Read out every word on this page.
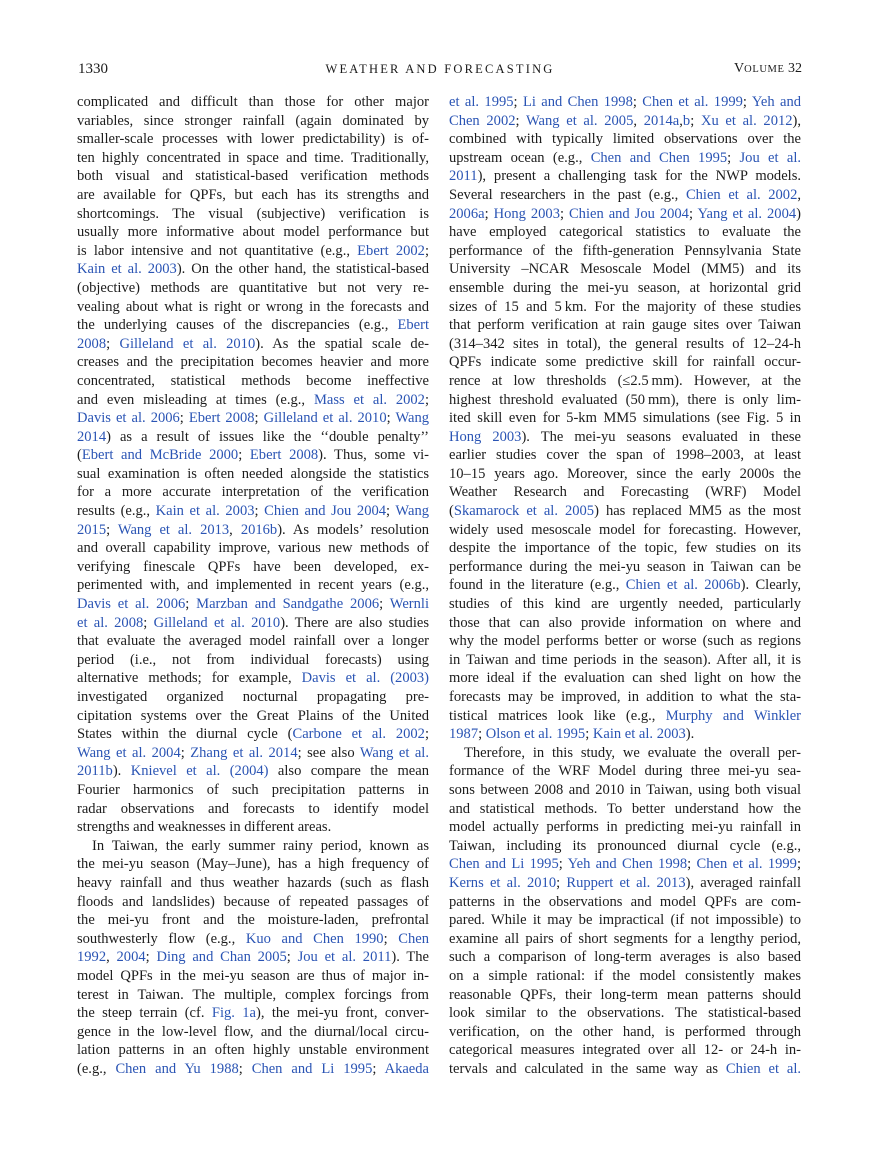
1330	WEATHER AND FORECASTING	VOLUME 32
complicated and difficult than those for other major
variables, since stronger rainfall (again dominated by
smaller-scale processes with lower predictability) is of-
ten highly concentrated in space and time. Traditionally,
both visual and statistical-based verification methods
are available for QPFs, but each has its strengths and
shortcomings. The visual (subjective) verification is
usually more informative about model performance but
is labor intensive and not quantitative (e.g., Ebert 2002;
Kain et al. 2003). On the other hand, the statistical-based
(objective) methods are quantitative but not very re-
vealing about what is right or wrong in the forecasts and
the underlying causes of the discrepancies (e.g., Ebert
2008; Gilleland et al. 2010). As the spatial scale de-
creases and the precipitation becomes heavier and more
concentrated, statistical methods become ineffective
and even misleading at times (e.g., Mass et al. 2002;
Davis et al. 2006; Ebert 2008; Gilleland et al. 2010; Wang
2014) as a result of issues like the ‘‘double penalty’’
(Ebert and McBride 2000; Ebert 2008). Thus, some vi-
sual examination is often needed alongside the statistics
for a more accurate interpretation of the verification
results (e.g., Kain et al. 2003; Chien and Jou 2004; Wang
2015; Wang et al. 2013, 2016b). As models’ resolution
and overall capability improve, various new methods of
verifying finescale QPFs have been developed, ex-
perimented with, and implemented in recent years (e.g.,
Davis et al. 2006; Marzban and Sandgathe 2006; Wernli
et al. 2008; Gilleland et al. 2010). There are also studies
that evaluate the averaged model rainfall over a longer
period (i.e., not from individual forecasts) using
alternative methods; for example, Davis et al. (2003)
investigated organized nocturnal propagating pre-
cipitation systems over the Great Plains of the United
States within the diurnal cycle (Carbone et al. 2002;
Wang et al. 2004; Zhang et al. 2014; see also Wang et al.
2011b). Knievel et al. (2004) also compare the mean
Fourier harmonics of such precipitation patterns in
radar observations and forecasts to identify model
strengths and weaknesses in different areas.
In Taiwan, the early summer rainy period, known as
the mei-yu season (May–June), has a high frequency of
heavy rainfall and thus weather hazards (such as flash
floods and landslides) because of repeated passages of
the mei-yu front and the moisture-laden, prefrontal
southwesterly flow (e.g., Kuo and Chen 1990; Chen
1992, 2004; Ding and Chan 2005; Jou et al. 2011). The
model QPFs in the mei-yu season are thus of major in-
terest in Taiwan. The multiple, complex forcings from
the steep terrain (cf. Fig. 1a), the mei-yu front, conver-
gence in the low-level flow, and the diurnal/local circu-
lation patterns in an often highly unstable environment
(e.g., Chen and Yu 1988; Chen and Li 1995; Akaeda
et al. 1995; Li and Chen 1998; Chen et al. 1999; Yeh and
Chen 2002; Wang et al. 2005, 2014a,b; Xu et al. 2012),
combined with typically limited observations over the
upstream ocean (e.g., Chen and Chen 1995; Jou et al.
2011), present a challenging task for the NWP models.
Several researchers in the past (e.g., Chien et al. 2002,
2006a; Hong 2003; Chien and Jou 2004; Yang et al. 2004)
have employed categorical statistics to evaluate the
performance of the fifth-generation Pennsylvania State
University –NCAR Mesoscale Model (MM5) and its
ensemble during the mei-yu season, at horizontal grid
sizes of 15 and 5 km. For the majority of these studies
that perform verification at rain gauge sites over Taiwan
(314–342 sites in total), the general results of 12–24-h
QPFs indicate some predictive skill for rainfall occur-
rence at low thresholds (≤2.5 mm). However, at the
highest threshold evaluated (50 mm), there is only lim-
ited skill even for 5-km MM5 simulations (see Fig. 5 in
Hong 2003). The mei-yu seasons evaluated in these
earlier studies cover the span of 1998–2003, at least
10–15 years ago. Moreover, since the early 2000s the
Weather Research and Forecasting (WRF) Model
(Skamarock et al. 2005) has replaced MM5 as the most
widely used mesoscale model for forecasting. However,
despite the importance of the topic, few studies on its
performance during the mei-yu season in Taiwan can be
found in the literature (e.g., Chien et al. 2006b). Clearly,
studies of this kind are urgently needed, particularly
those that can also provide information on where and
why the model performs better or worse (such as regions
in Taiwan and time periods in the season). After all, it is
more ideal if the evaluation can shed light on how the
forecasts may be improved, in addition to what the sta-
tistical matrices look like (e.g., Murphy and Winkler
1987; Olson et al. 1995; Kain et al. 2003).
Therefore, in this study, we evaluate the overall per-
formance of the WRF Model during three mei-yu sea-
sons between 2008 and 2010 in Taiwan, using both visual
and statistical methods. To better understand how the
model actually performs in predicting mei-yu rainfall in
Taiwan, including its pronounced diurnal cycle (e.g.,
Chen and Li 1995; Yeh and Chen 1998; Chen et al. 1999;
Kerns et al. 2010; Ruppert et al. 2013), averaged rainfall
patterns in the observations and model QPFs are com-
pared. While it may be impractical (if not impossible) to
examine all pairs of short segments for a lengthy period,
such a comparison of long-term averages is also based
on a simple rational: if the model consistently makes
reasonable QPFs, their long-term mean patterns should
look similar to the observations. The statistical-based
verification, on the other hand, is performed through
categorical measures integrated over all 12- or 24-h in-
tervals and calculated in the same way as Chien et al.
